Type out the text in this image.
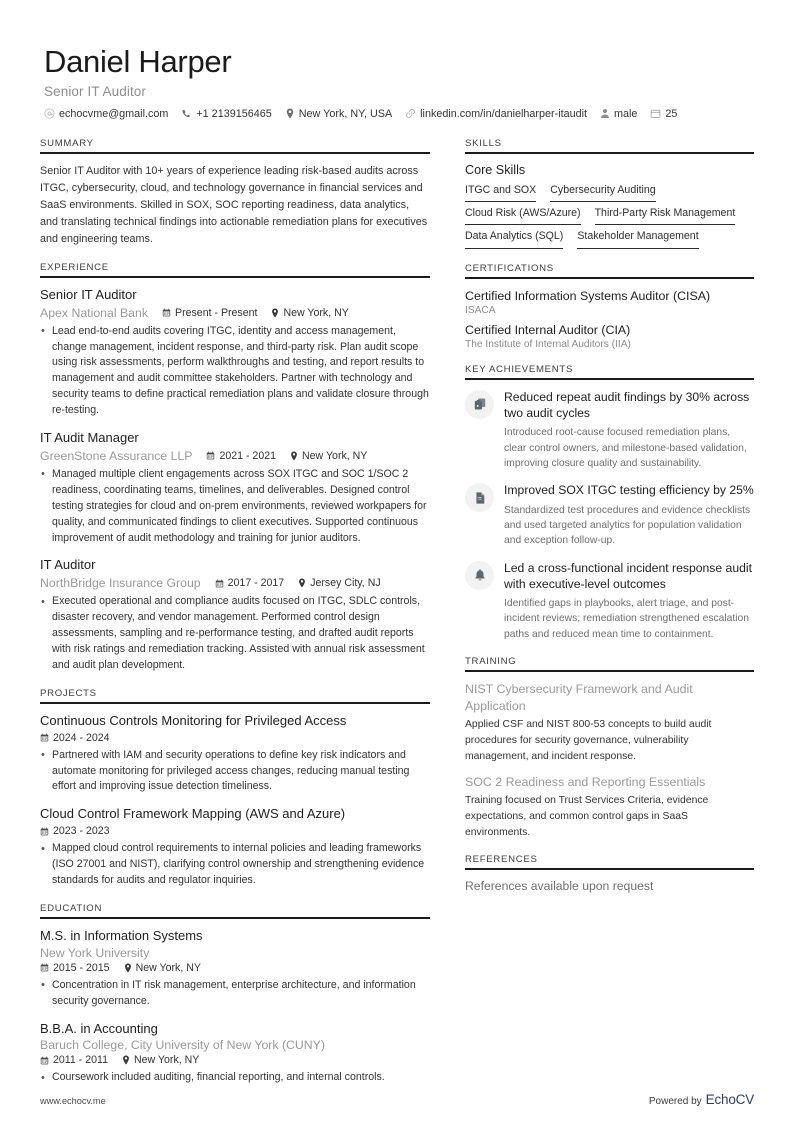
Daniel Harper
Senior IT Auditor
echocvme@gmail.com	+1 2139156465	New York, NY, USA	linkedin.com/in/danielharper-itaudit	male	25
SUMMARY
Senior IT Auditor with 10+ years of experience leading risk-based audits across ITGC, cybersecurity, cloud, and technology governance in financial services and SaaS environments. Skilled in SOX, SOC reporting readiness, data analytics, and translating technical findings into actionable remediation plans for executives and engineering teams.
EXPERIENCE
Senior IT Auditor
Apex National Bank	Present - Present New York, NY
• Lead end-to-end audits covering ITGC, identity and access management, change management, incident response, and third-party risk. Plan audit scope using risk assessments, perform walkthroughs and testing, and report results to management and audit committee stakeholders. Partner with technology and security teams to define practical remediation plans and validate closure through re-testing.
IT Audit Manager
GreenStone Assurance LLP	2021 - 2021 New York, NY
• Managed multiple client engagements across SOX ITGC and SOC 1/SOC 2 readiness, coordinating teams, timelines, and deliverables. Designed control testing strategies for cloud and on-prem environments, reviewed workpapers for quality, and communicated findings to client executives. Supported continuous improvement of audit methodology and training for junior auditors.
IT Auditor
NorthBridge Insurance Group	2017 - 2017 Jersey City, NJ
• Executed operational and compliance audits focused on ITGC, SDLC controls, disaster recovery, and vendor management. Performed control design assessments, sampling and re-performance testing, and drafted audit reports with risk ratings and remediation tracking. Assisted with annual risk assessment and audit plan development.
PROJECTS
Continuous Controls Monitoring for Privileged Access
2024 - 2024
• Partnered with IAM and security operations to define key risk indicators and automate monitoring for privileged access changes, reducing manual testing effort and improving issue detection timeliness.
Cloud Control Framework Mapping (AWS and Azure)
2023 - 2023
• Mapped cloud control requirements to internal policies and leading frameworks (ISO 27001 and NIST), clarifying control ownership and strengthening evidence standards for audits and regulator inquiries.
EDUCATION
M.S. in Information Systems
New York University
2015 - 2015 New York, NY
• Concentration in IT risk management, enterprise architecture, and information security governance.
B.B.A. in Accounting
Baruch College, City University of New York (CUNY)
2011 - 2011 New York, NY
• Coursework included auditing, financial reporting, and internal controls.
SKILLS
Core Skills
ITGC and SOX Cybersecurity Auditing
Cloud Risk (AWS/Azure) Third-Party Risk Management
Data Analytics (SQL) Stakeholder Management
CERTIFICATIONS
Certified Information Systems Auditor (CISA)
ISACA
Certified Internal Auditor (CIA)
The Institute of Internal Auditors (IIA)
KEY ACHIEVEMENTS
Reduced repeat audit findings by 30% across two audit cycles
Introduced root-cause focused remediation plans, clear control owners, and milestone-based validation, improving closure quality and sustainability.
Improved SOX ITGC testing efficiency by 25%
Standardized test procedures and evidence checklists and used targeted analytics for population validation and exception follow-up.
Led a cross-functional incident response audit with executive-level outcomes
Identified gaps in playbooks, alert triage, and post-incident reviews; remediation strengthened escalation paths and reduced mean time to containment.
TRAINING
NIST Cybersecurity Framework and Audit Application
Applied CSF and NIST 800-53 concepts to build audit procedures for security governance, vulnerability management, and incident response.
SOC 2 Readiness and Reporting Essentials
Training focused on Trust Services Criteria, evidence expectations, and common control gaps in SaaS environments.
REFERENCES
References available upon request
www.echocv.me	Powered by EchoCV
